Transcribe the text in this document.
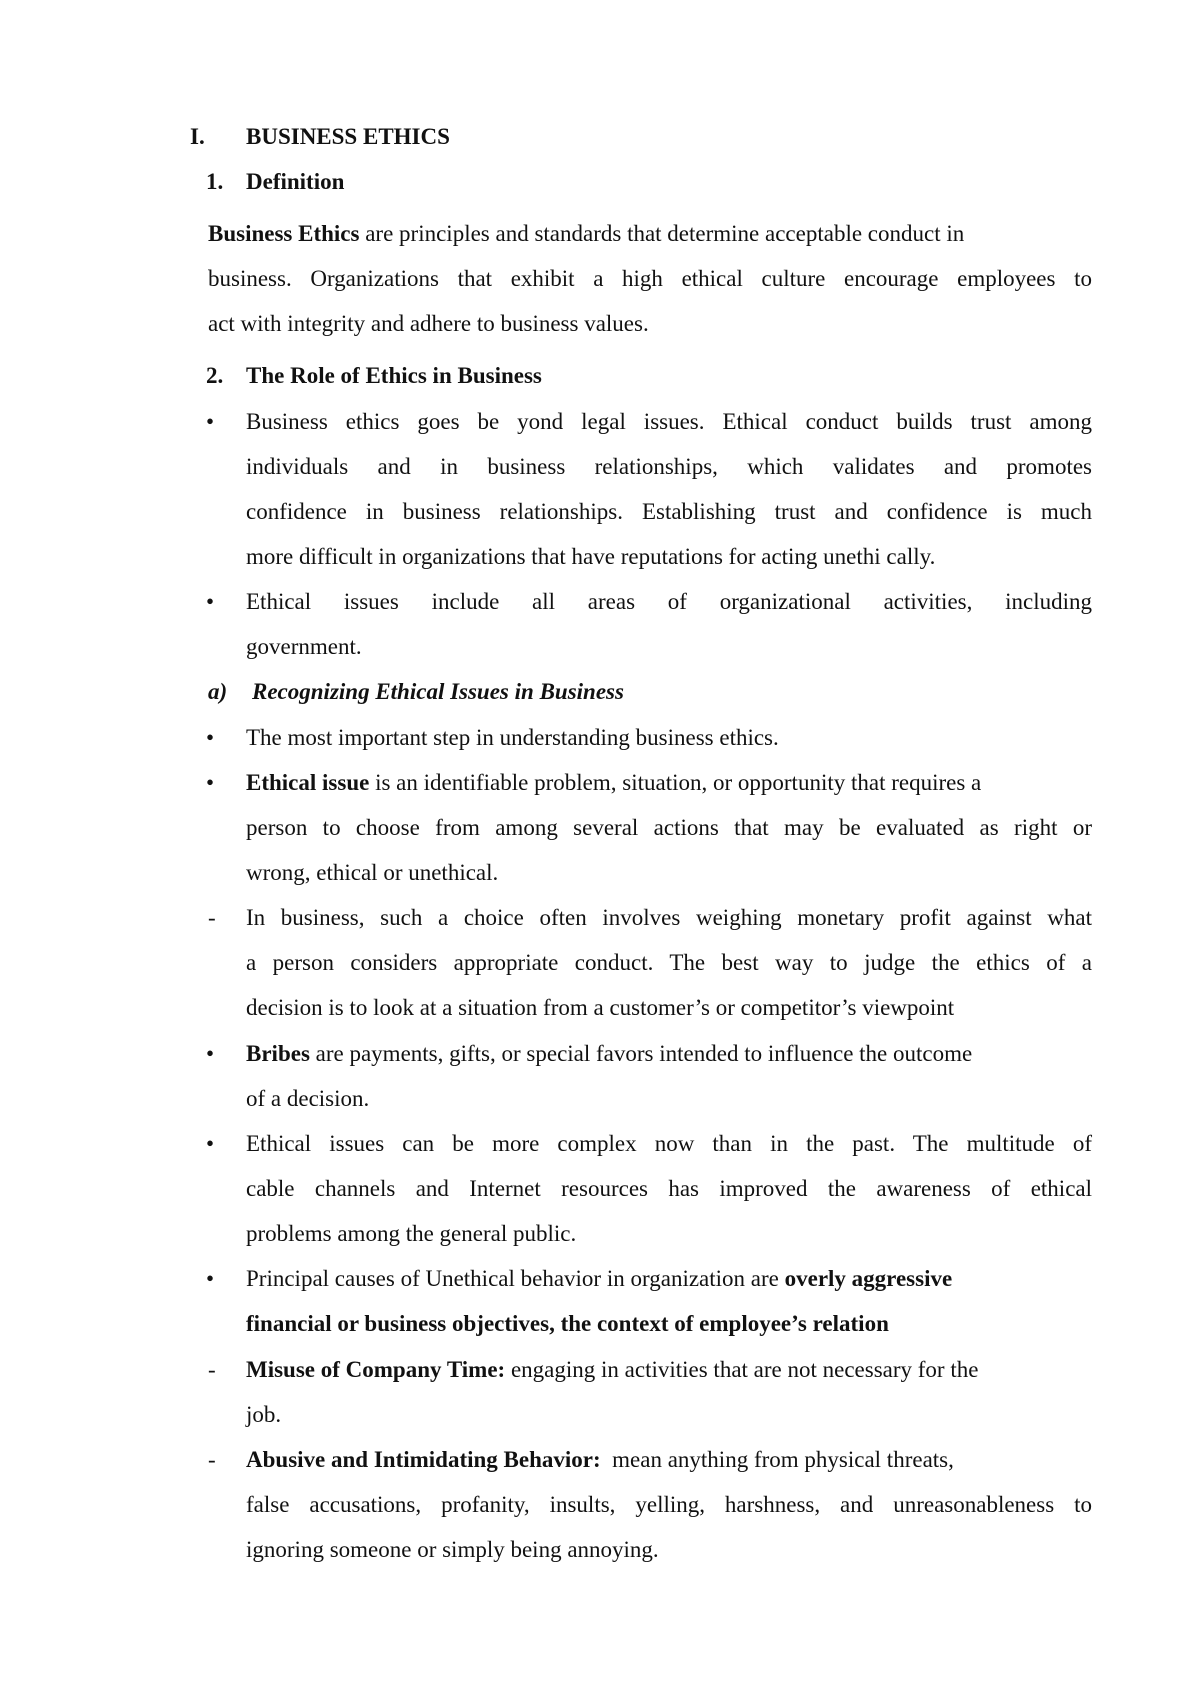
I. BUSINESS ETHICS
1. Definition
Business Ethics are principles and standards that determine acceptable conduct in
business. Organizations that exhibit a high ethical culture encourage employees to
act with integrity and adhere to business values.
2. The Role of Ethics in Business
• Business ethics goes be yond legal issues. Ethical conduct builds trust among
individuals and in business relationships, which validates and promotes
confidence in business relationships. Establishing trust and confidence is much
more difficult in organizations that have reputations for acting unethi cally.
• Ethical issues include all areas of organizational activities, including
government.
a) Recognizing Ethical Issues in Business
• The most important step in understanding business ethics.
• Ethical issue is an identifiable problem, situation, or opportunity that requires a
person to choose from among several actions that may be evaluated as right or
wrong, ethical or unethical.
- In business, such a choice often involves weighing monetary profit against what
a person considers appropriate conduct. The best way to judge the ethics of a
decision is to look at a situation from a customer’s or competitor’s viewpoint
• Bribes are payments, gifts, or special favors intended to influence the outcome
of a decision.
• Ethical issues can be more complex now than in the past. The multitude of
cable channels and Internet resources has improved the awareness of ethical
problems among the general public.
• Principal causes of Unethical behavior in organization are overly aggressive
financial or business objectives, the context of employee’s relation
- Misuse of Company Time: engaging in activities that are not necessary for the
job.
- Abusive and Intimidating Behavior: mean anything from physical threats,
false accusations, profanity, insults, yelling, harshness, and unreasonableness to
ignoring someone or simply being annoying.
